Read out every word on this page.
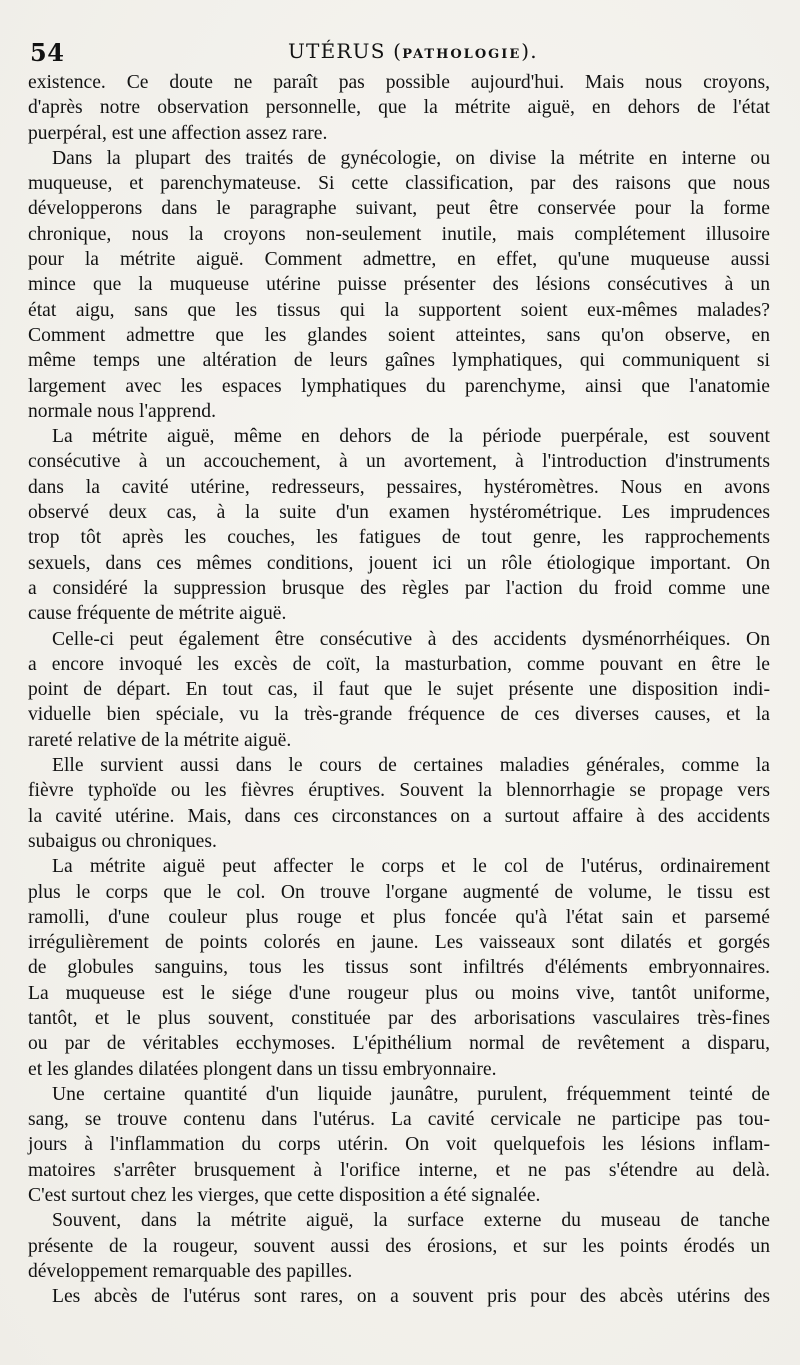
54	UTÉRUS (PATHOLOGIE).

existence. Ce doute ne paraît pas possible aujourd'hui. Mais nous croyons,
d'après notre observation personnelle, que la métrite aiguë, en dehors de l'état
puerpéral, est une affection assez rare.

Dans la plupart des traités de gynécologie, on divise la métrite en interne ou
muqueuse, et parenchymateuse. Si cette classification, par des raisons que nous
développerons dans le paragraphe suivant, peut être conservée pour la forme
chronique, nous la croyons non-seulement inutile, mais complétement illusoire
pour la métrite aiguë. Comment admettre, en effet, qu'une muqueuse aussi
mince que la muqueuse utérine puisse présenter des lésions consécutives à un
état aigu, sans que les tissus qui la supportent soient eux-mêmes malades?
Comment admettre que les glandes soient atteintes, sans qu'on observe, en
même temps une altération de leurs gaînes lymphatiques, qui communiquent si
largement avec les espaces lymphatiques du parenchyme, ainsi que l'anatomie
normale nous l'apprend.

La métrite aiguë, même en dehors de la période puerpérale, est souvent
consécutive à un accouchement, à un avortement, à l'introduction d'instruments
dans la cavité utérine, redresseurs, pessaires, hystéromètres. Nous en avons
observé deux cas, à la suite d'un examen hystérométrique. Les imprudences
trop tôt après les couches, les fatigues de tout genre, les rapprochements
sexuels, dans ces mêmes conditions, jouent ici un rôle étiologique important. On
a considéré la suppression brusque des règles par l'action du froid comme une
cause fréquente de métrite aiguë.

Celle-ci peut également être consécutive à des accidents dysménorrhéiques. On
a encore invoqué les excès de coït, la masturbation, comme pouvant en être le
point de départ. En tout cas, il faut que le sujet présente une disposition indi-
viduelle bien spéciale, vu la très-grande fréquence de ces diverses causes, et la
rareté relative de la métrite aiguë.

Elle survient aussi dans le cours de certaines maladies générales, comme la
fièvre typhoïde ou les fièvres éruptives. Souvent la blennorrhagie se propage vers
la cavité utérine. Mais, dans ces circonstances on a surtout affaire à des accidents
subaigus ou chroniques.

La métrite aiguë peut affecter le corps et le col de l'utérus, ordinairement
plus le corps que le col. On trouve l'organe augmenté de volume, le tissu est
ramolli, d'une couleur plus rouge et plus foncée qu'à l'état sain et parsemé
irrégulièrement de points colorés en jaune. Les vaisseaux sont dilatés et gorgés
de globules sanguins, tous les tissus sont infiltrés d'éléments embryonnaires.
La muqueuse est le siége d'une rougeur plus ou moins vive, tantôt uniforme,
tantôt, et le plus souvent, constituée par des arborisations vasculaires très-fines
ou par de véritables ecchymoses. L'épithélium normal de revêtement a disparu,
et les glandes dilatées plongent dans un tissu embryonnaire.

Une certaine quantité d'un liquide jaunâtre, purulent, fréquemment teinté de
sang, se trouve contenu dans l'utérus. La cavité cervicale ne participe pas tou-
jours à l'inflammation du corps utérin. On voit quelquefois les lésions inflam-
matoires s'arrêter brusquement à l'orifice interne, et ne pas s'étendre au delà.
C'est surtout chez les vierges, que cette disposition a été signalée.

Souvent, dans la métrite aiguë, la surface externe du museau de tanche
présente de la rougeur, souvent aussi des érosions, et sur les points érodés un
développement remarquable des papilles.

Les abcès de l'utérus sont rares, on a souvent pris pour des abcès utérins des
